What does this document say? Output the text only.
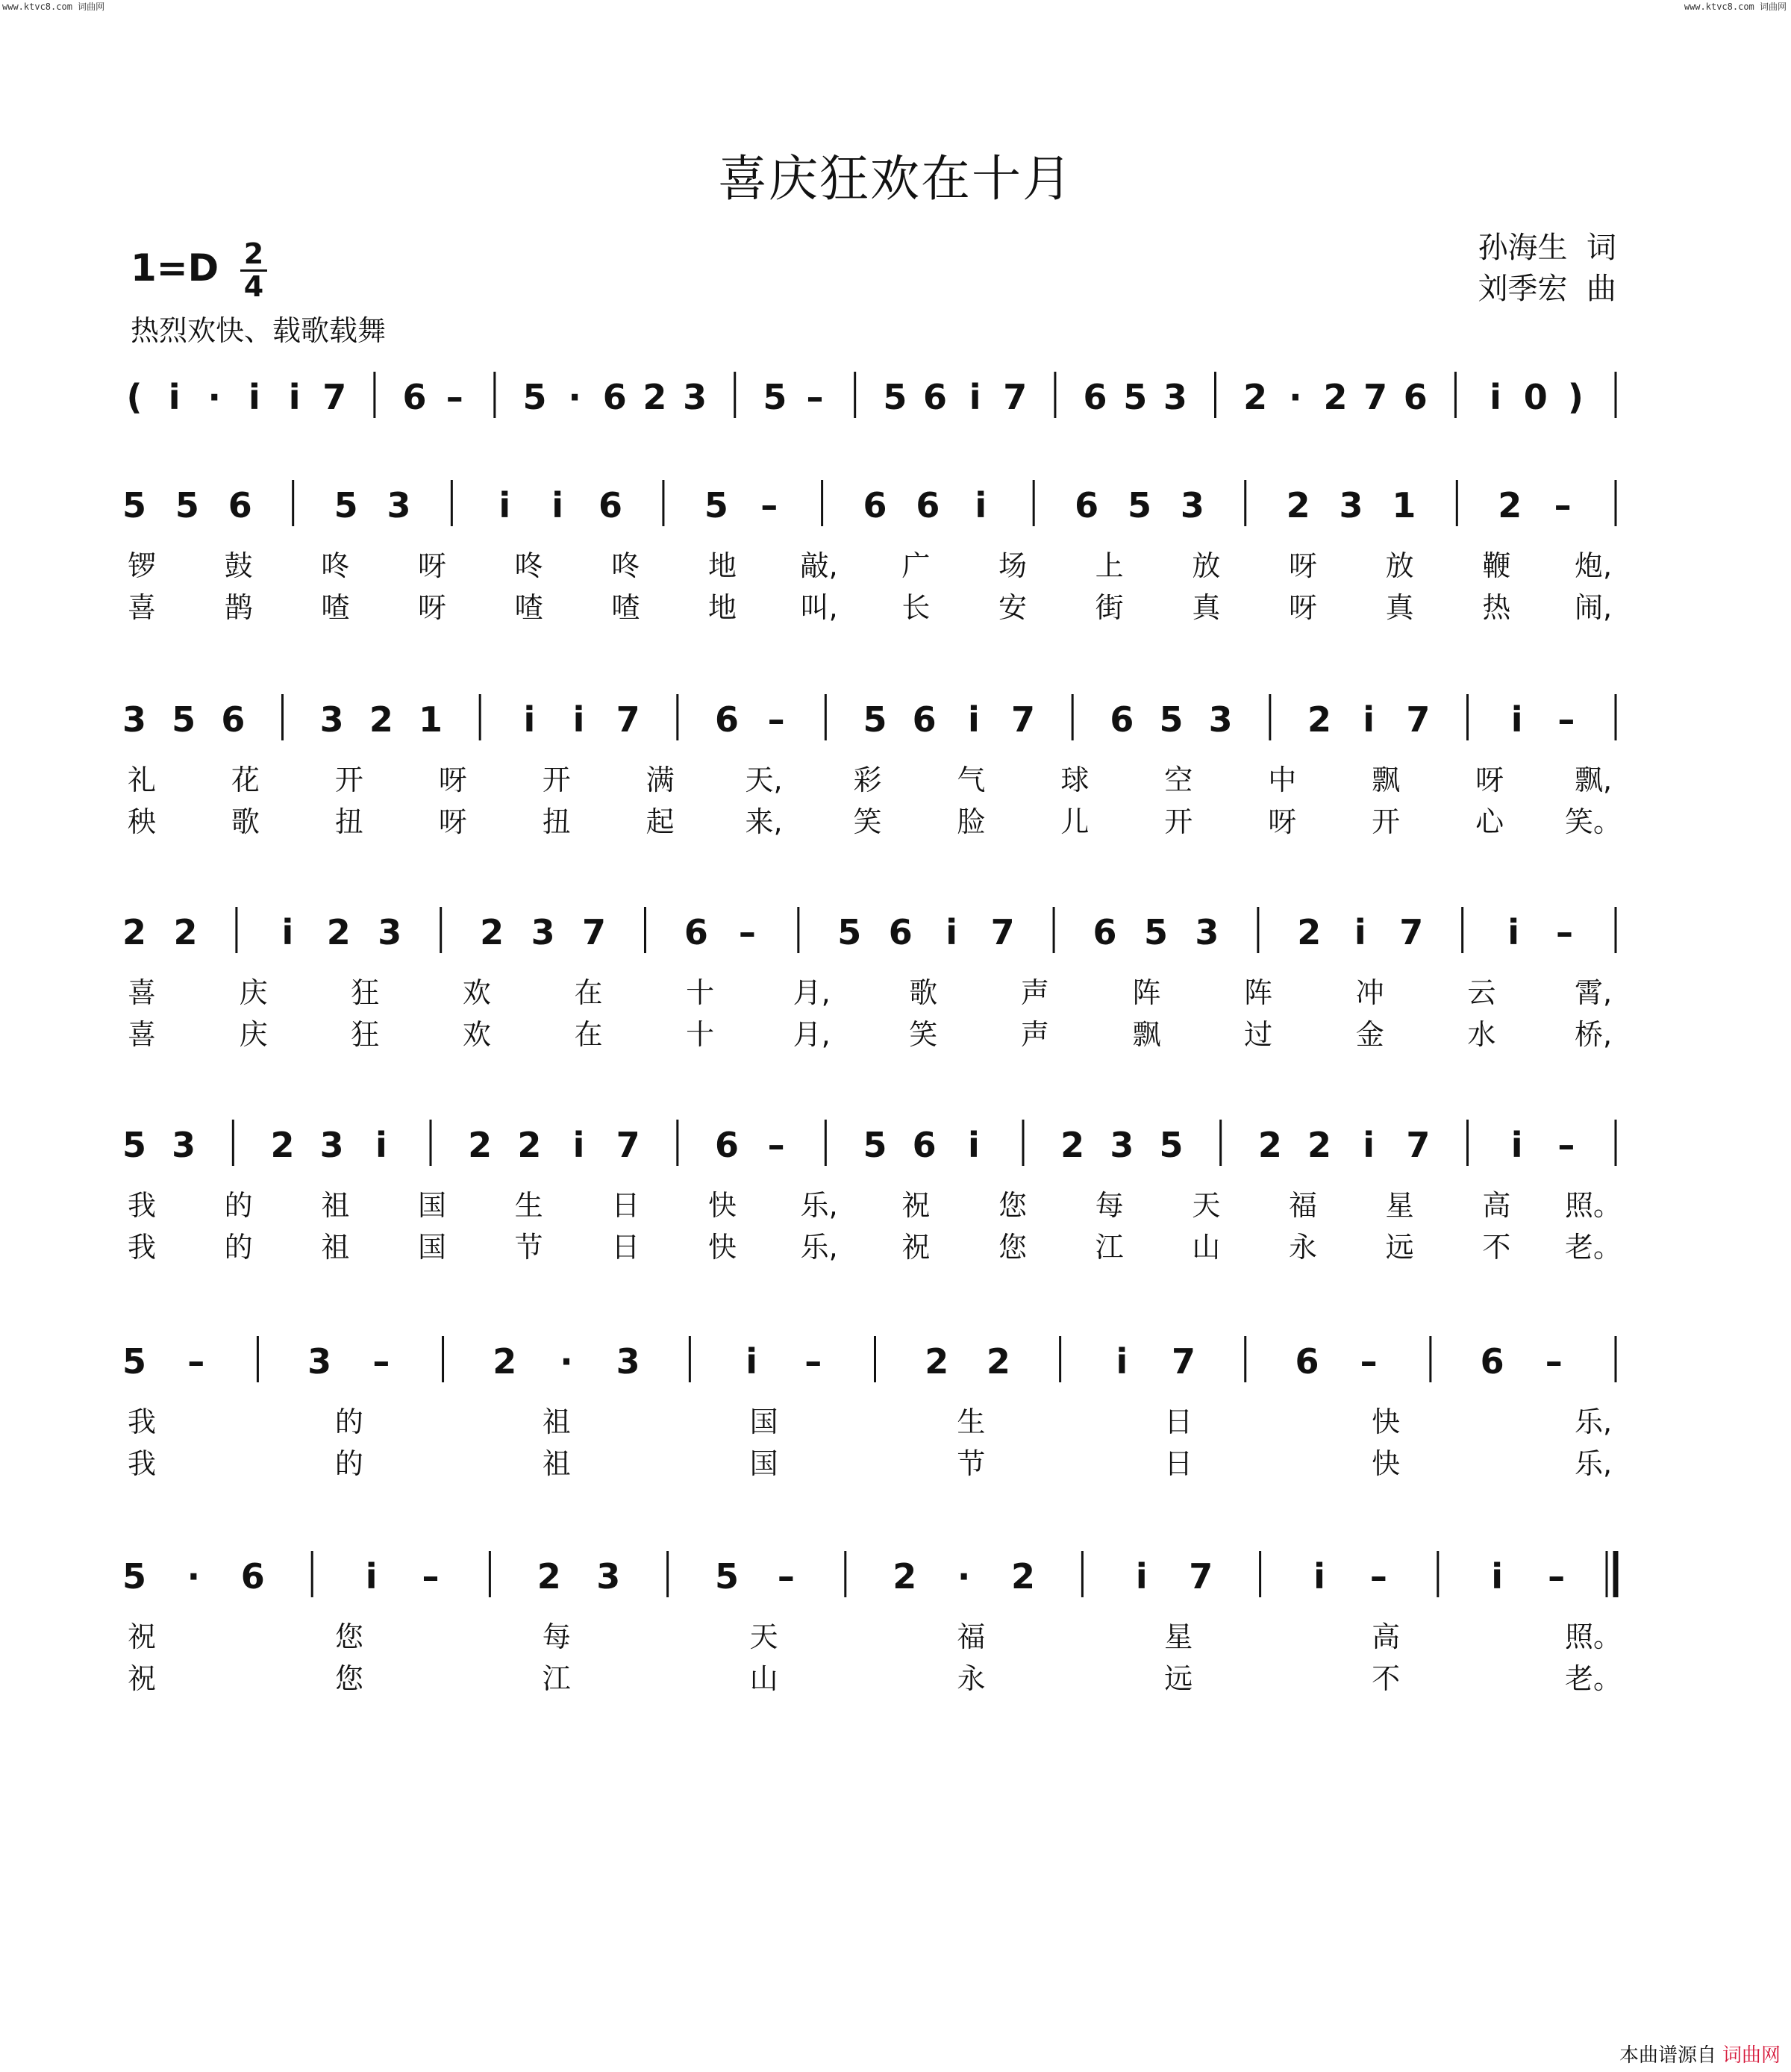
www.ktvc8.com 词曲网	www.ktvc8.com 词曲网
喜庆狂欢在十月
1=D 2
4
热烈欢快、载歌载舞
孙海生  词
刘季宏  曲
( i · i i 7 6 – 5 · 6 2 3 5 – 5 6 i 7 6 5 3 2 · 2 7 6 i 0 )
5 5 6 5 3	i i 6 5 – 6 6 i	6 5 3 2 3 1 2 –
锣 鼓 咚 呀 咚 咚 地 敲, 广 场 上 放 呀 放 鞭 炮,
喜 鹊 喳 呀 喳 喳 地 叫, 长 安 街 真 呀 真 热 闹,
3 5 6 3 2 1 i i 7 6 – 5 6 i 7 6 5 3 2 i 7 i –
礼	花	开	呀	开	满 天, 彩	气	球	空	中	飘	呀 飘,
秧	歌	扭	呀	扭	起 来, 笑	脸	儿	开	呀	开	心 笑。
2 2 i 2 3 2 3 7 6 – 5 6 i 7 6 5 3 2 i 7 i –
喜	庆	狂	欢	在	十	月,	歌	声	阵	阵	冲	云	霄,
喜	庆	狂	欢	在	十	月,	笑	声	飘	过	金	水	桥,
5 3 2 3 i 2 2 i 7 6 – 5 6 i 2 3 5 2 2 i 7 i –
我 的 祖 国 生 日 快 乐, 祝 您 每 天 福 星 高 照。
我 的 祖 国 节 日 快 乐, 祝 您 江 山 永 远 不 老。
5 –	3 –	2 · 3	i –	2 2	i 7	6 –	6 –
我	的	祖	国	生	日	快	乐,
我	的	祖	国	节	日	快	乐,
5 · 6	i –	2 3	5 –	2 · 2	i 7	i –	i –
祝	您	每	天	福	星	高	照。
祝	您	江	山	永	远	不	老。
本曲谱源自 词曲网
